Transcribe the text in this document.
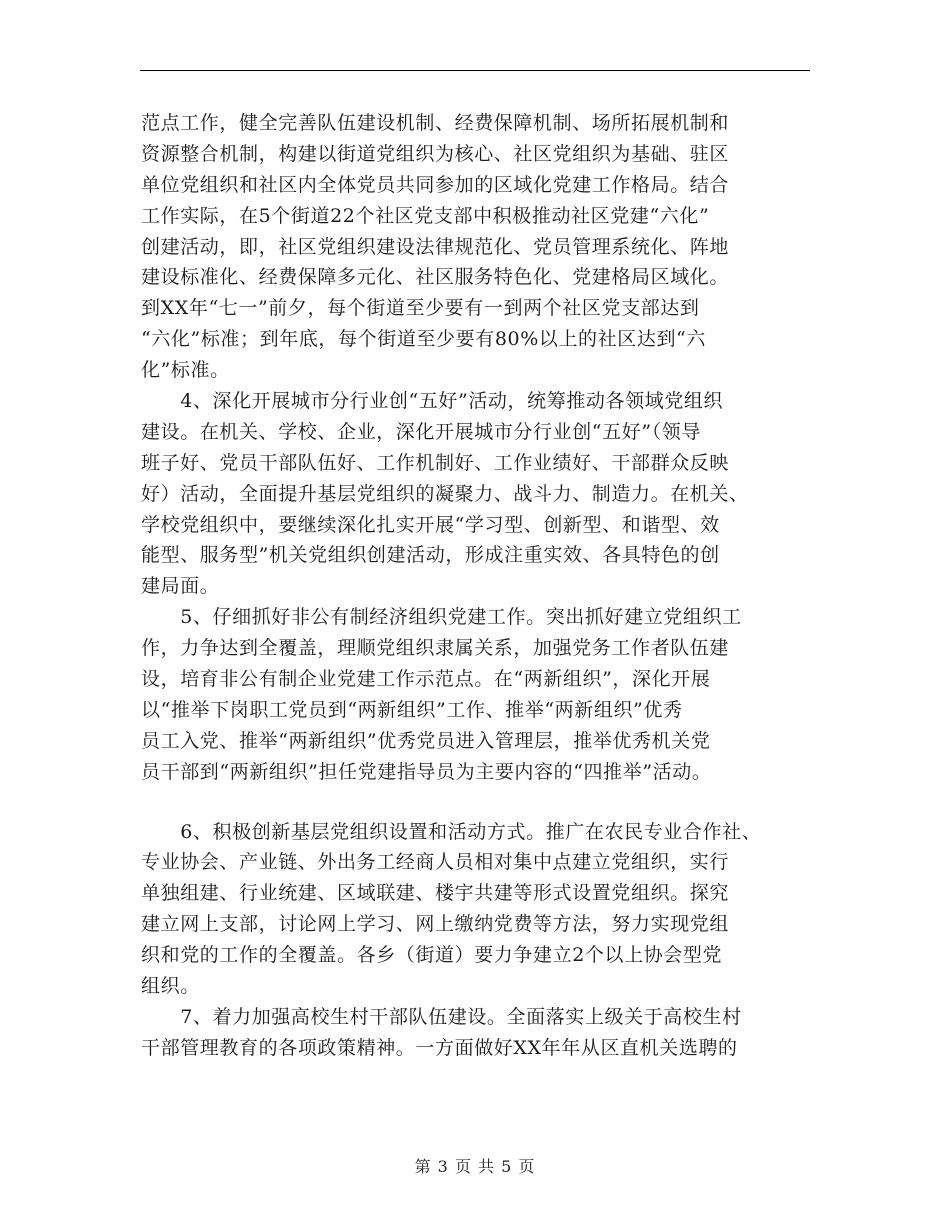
范点工作，健全完善队伍建设机制、经费保障机制、场所拓展机制和
资源整合机制，构建以街道党组织为核心、社区党组织为基础、驻区
单位党组织和社区内全体党员共同参加的区域化党建工作格局。结合
工作实际，在5个街道22个社区党支部中积极推动社区党建“六化”
创建活动，即，社区党组织建设法律规范化、党员管理系统化、阵地
建设标准化、经费保障多元化、社区服务特色化、党建格局区域化。
到XX年“七一”前夕，每个街道至少要有一到两个社区党支部达到
“六化”标准；到年底，每个街道至少要有80%以上的社区达到“六
化”标准。
　　4、深化开展城市分行业创“五好”活动，统筹推动各领域党组织
建设。在机关、学校、企业，深化开展城市分行业创“五好”（领导
班子好、党员干部队伍好、工作机制好、工作业绩好、干部群众反映
好）活动，全面提升基层党组织的凝聚力、战斗力、制造力。在机关、
学校党组织中，要继续深化扎实开展“学习型、创新型、和谐型、效
能型、服务型”机关党组织创建活动，形成注重实效、各具特色的创
建局面。
　　5、仔细抓好非公有制经济组织党建工作。突出抓好建立党组织工
作，力争达到全覆盖，理顺党组织隶属关系，加强党务工作者队伍建
设，培育非公有制企业党建工作示范点。在“两新组织”，深化开展
以“推举下岗职工党员到“两新组织”工作、推举“两新组织”优秀
员工入党、推举“两新组织”优秀党员进入管理层，推举优秀机关党
员干部到“两新组织”担任党建指导员为主要内容的“四推举”活动。
　　6、积极创新基层党组织设置和活动方式。推广在农民专业合作社、
专业协会、产业链、外出务工经商人员相对集中点建立党组织，实行
单独组建、行业统建、区域联建、楼宇共建等形式设置党组织。探究
建立网上支部，讨论网上学习、网上缴纳党费等方法，努力实现党组
织和党的工作的全覆盖。各乡（街道）要力争建立2个以上协会型党
组织。
　　7、着力加强高校生村干部队伍建设。全面落实上级关于高校生村
干部管理教育的各项政策精神。一方面做好XX年年从区直机关选聘的
第 3 页 共 5 页
